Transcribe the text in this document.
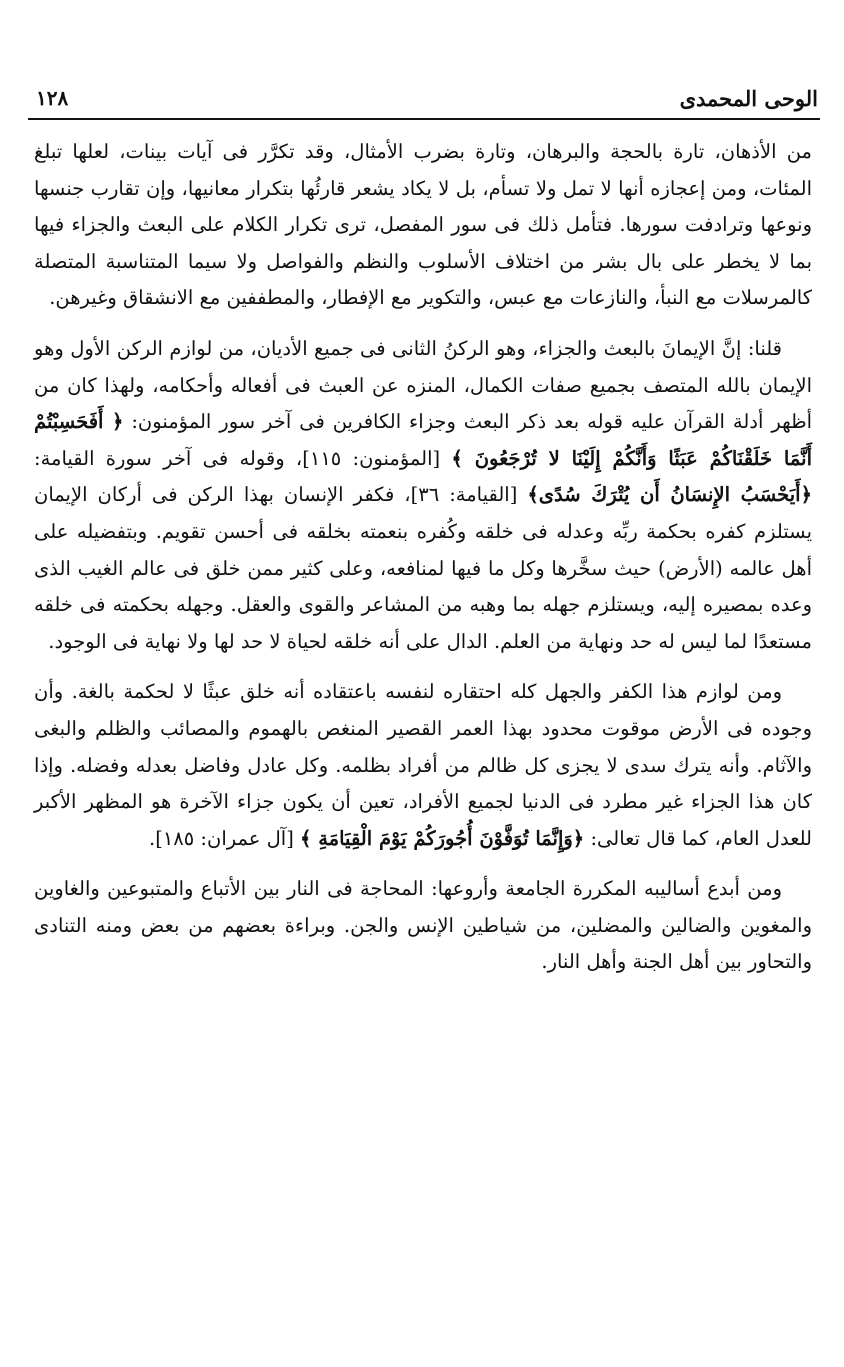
الوحى المحمدى
١٢٨

من الأذهان، تارة بالحجة والبرهان، وتارة بضرب الأمثال، وقد تكرَّر فى آيات بينات، لعلها تبلغ المئات، ومن إعجازه أنها لا تمل ولا تسأم، بل لا يكاد يشعر قارئُها بتكرار معانيها، وإن تقارب جنسها ونوعها وترادفت سورها. فتأمل ذلك فى سور المفصل، ترى تكرار الكلام على البعث والجزاء فيها بما لا يخطر على بال بشر من اختلاف الأسلوب والنظم والفواصل ولا سيما المتناسبة المتصلة كالمرسلات مع النبأ، والنازعات مع عبس، والتكوير مع الإفطار، والمطففين مع الانشقاق وغيرهن.

قلنا: إنَّ الإيمانَ بالبعث والجزاء، وهو الركنُ الثانى فى جميع الأديان، من لوازم الركن الأول وهو الإيمان بالله المتصف بجميع صفات الكمال، المنزه عن العبث فى أفعاله وأحكامه، ولهذا كان من أظهر أدلة القرآن عليه قوله بعد ذكر البعث وجزاء الكافرين فى آخر سور المؤمنون: ﴿ أَفَحَسِبْتُمْ أَنَّمَا خَلَقْنَاكُمْ عَبَثًا وَأَنَّكُمْ إِلَيْنَا لا تُرْجَعُونَ ﴾ [المؤمنون: ١١٥]، وقوله فى آخر سورة القيامة: ﴿أَيَحْسَبُ الإِنسَانُ أَن يُتْرَكَ سُدًى﴾ [القيامة: ٣٦]، فكفر الإنسان بهذا الركن فى أركان الإيمان يستلزم كفره بحكمة ربِّه وعدله فى خلقه وكُفره بنعمته بخلقه فى أحسن تقويم. وبتفضيله على أهل عالمه (الأرض) حيث سخَّرها وكل ما فيها لمنافعه، وعلى كثير ممن خلق فى عالم الغيب الذى وعده بمصيره إليه، ويستلزم جهله بما وهبه من المشاعر والقوى والعقل. وجهله بحكمته فى خلقه مستعدًا لما ليس له حد ونهاية من العلم. الدال على أنه خلقه لحياة لا حد لها ولا نهاية فى الوجود.

ومن لوازم هذا الكفر والجهل كله احتقاره لنفسه باعتقاده أنه خلق عبثًا لا لحكمة بالغة. وأن وجوده فى الأرض موقوت محدود بهذا العمر القصير المنغص بالهموم والمصائب والظلم والبغى والآثام. وأنه يترك سدى لا يجزى كل ظالم من أفراد بظلمه. وكل عادل وفاضل بعدله وفضله. وإذا كان هذا الجزاء غير مطرد فى الدنيا لجميع الأفراد، تعين أن يكون جزاء الآخرة هو المظهر الأكبر للعدل العام، كما قال تعالى: ﴿وَإِنَّمَا تُوَفَّوْنَ أُجُورَكُمْ يَوْمَ الْقِيَامَةِ ﴾ [آل عمران: ١٨٥].

ومن أبدع أساليبه المكررة الجامعة وأروعها: المحاجة فى النار بين الأتباع والمتبوعين والغاوين والمغوين والضالين والمضلين، من شياطين الإنس والجن. وبراءة بعضهم من بعض ومنه التنادى والتحاور بين أهل الجنة وأهل النار.
